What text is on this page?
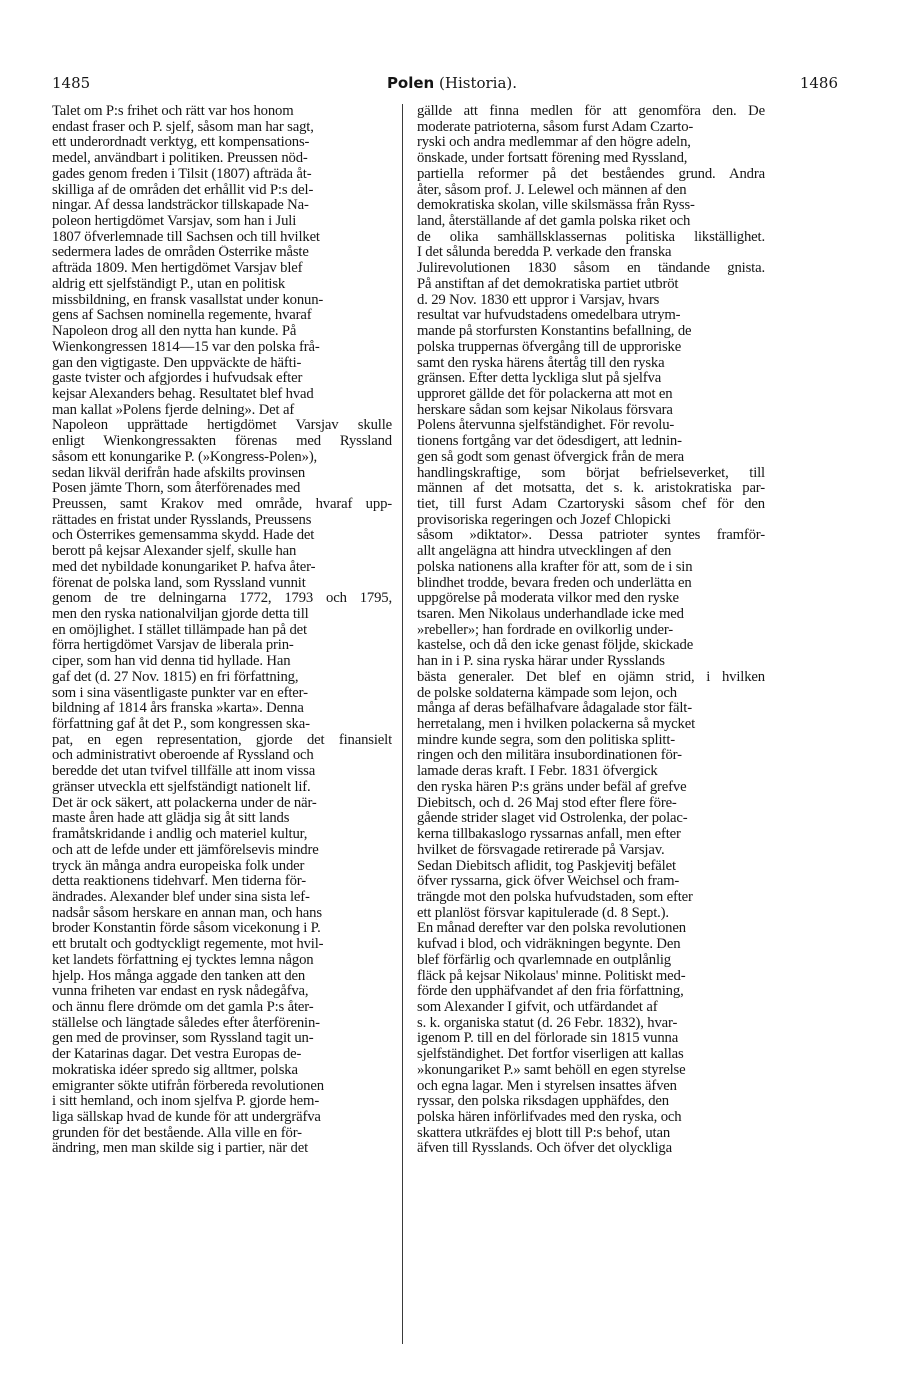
1485	Polen (Historia).	1486
Talet om P:s frihet och rätt var hos honom
endast fraser och P. sjelf, såsom man har sagt,
ett underordnadt verktyg, ett kompensations-
medel, användbart i politiken. Preussen nöd-
gades genom freden i Tilsit (1807) afträda åt-
skilliga af de områden det erhållit vid P:s del-
ningar. Af dessa landsträckor tillskapade Na-
poleon hertigdömet Varsjav, som han i Juli
1807 öfverlemnade till Sachsen och till hvilket
sedermera lades de områden Österrike måste
afträda 1809. Men hertigdömet Varsjav blef
aldrig ett sjelfständigt P., utan en politisk
missbildning, en fransk vasallstat under konun-
gens af Sachsen nominella regemente, hvaraf
Napoleon drog all den nytta han kunde. På
Wienkongressen 1814—15 var den polska frå-
gan den vigtigaste. Den uppväckte de häfti-
gaste tvister och afgjordes i hufvudsak efter
kejsar Alexanders behag. Resultatet blef hvad
man kallat »Polens fjerde delning». Det af
Napoleon upprättade hertigdömet Varsjav skulle
enligt Wienkongressakten förenas med Ryssland
såsom ett konungarike P. (»Kongress-Polen»),
sedan likväl derifrån hade afskilts provinsen
Posen jämte Thorn, som återförenades med
Preussen, samt Krakov med område, hvaraf upp-
rättades en fristat under Rysslands, Preussens
och Österrikes gemensamma skydd. Hade det
berott på kejsar Alexander sjelf, skulle han
med det nybildade konungariket P. hafva åter-
förenat de polska land, som Ryssland vunnit
genom de tre delningarna 1772, 1793 och 1795,
men den ryska nationalviljan gjorde detta till
en omöjlighet. I stället tillämpade han på det
förra hertigdömet Varsjav de liberala prin-
ciper, som han vid denna tid hyllade. Han
gaf det (d. 27 Nov. 1815) en fri författning,
som i sina väsentligaste punkter var en efter-
bildning af 1814 års franska »karta». Denna
författning gaf åt det P., som kongressen ska-
pat, en egen representation, gjorde det finansielt
och administrativt oberoende af Ryssland och
beredde det utan tvifvel tillfälle att inom vissa
gränser utveckla ett sjelfständigt nationelt lif.
Det är ock säkert, att polackerna under de när-
maste åren hade att glädja sig åt sitt lands
framåtskridande i andlig och materiel kultur,
och att de lefde under ett jämförelsevis mindre
tryck än många andra europeiska folk under
detta reaktionens tidehvarf. Men tiderna för-
ändrades. Alexander blef under sina sista lef-
nadsår såsom herskare en annan man, och hans
broder Konstantin förde såsom vicekonung i P.
ett brutalt och godtyckligt regemente, mot hvil-
ket landets författning ej tycktes lemna någon
hjelp. Hos många aggade den tanken att den
vunna friheten var endast en rysk nådegåfva,
och ännu flere drömde om det gamla P:s åter-
ställelse och längtade således efter återförenin-
gen med de provinser, som Ryssland tagit un-
der Katarinas dagar. Det vestra Europas de-
mokratiska idéer spredo sig alltmer, polska
emigranter sökte utifrån förbereda revolutionen
i sitt hemland, och inom sjelfva P. gjorde hem-
liga sällskap hvad de kunde för att undergräfva
grunden för det bestående. Alla ville en för-
ändring, men man skilde sig i partier, när det
gällde att finna medlen för att genomföra den. De
moderate patrioterna, såsom furst Adam Czarto-
ryski och andra medlemmar af den högre adeln,
önskade, under fortsatt förening med Ryssland,
partiella reformer på det beståendes grund. Andra
åter, såsom prof. J. Lelewel och männen af den
demokratiska skolan, ville skilsmässa från Ryss-
land, återställande af det gamla polska riket och
de olika samhällsklassernas politiska likställighet.
I det sålunda beredda P. verkade den franska
Julirevolutionen 1830 såsom en tändande gnista.
På anstiftan af det demokratiska partiet utbröt
d. 29 Nov. 1830 ett uppror i Varsjav, hvars
resultat var hufvudstadens omedelbara utrym-
mande på storfursten Konstantins befallning, de
polska truppernas öfvergång till de upproriske
samt den ryska härens återtåg till den ryska
gränsen. Efter detta lyckliga slut på sjelfva
upproret gällde det för polackerna att mot en
herskare sådan som kejsar Nikolaus försvara
Polens återvunna sjelfständighet. För revolu-
tionens fortgång var det ödesdigert, att lednin-
gen så godt som genast öfvergick från de mera
handlingskraftige, som börjat befrielseverket, till
männen af det motsatta, det s. k. aristokratiska par-
tiet, till furst Adam Czartoryski såsom chef för den
provisoriska regeringen och Jozef Chlopicki
såsom »diktator». Dessa patrioter syntes framför-
allt angelägna att hindra utvecklingen af den
polska nationens alla krafter för att, som de i sin
blindhet trodde, bevara freden och underlätta en
uppgörelse på moderata vilkor med den ryske
tsaren. Men Nikolaus underhandlade icke med
»rebeller»; han fordrade en ovilkorlig under-
kastelse, och då den icke genast följde, skickade
han in i P. sina ryska härar under Rysslands
bästa generaler. Det blef en ojämn strid, i hvilken
de polske soldaterna kämpade som lejon, och
många af deras befälhafvare ådagalade stor fält-
herretalang, men i hvilken polackerna så mycket
mindre kunde segra, som den politiska splitt-
ringen och den militära insubordinationen för-
lamade deras kraft. I Febr. 1831 öfvergick
den ryska hären P:s gräns under befäl af grefve
Diebitsch, och d. 26 Maj stod efter flere före-
gående strider slaget vid Ostrolenka, der polac-
kerna tillbakaslogo ryssarnas anfall, men efter
hvilket de försvagade retirerade på Varsjav.
Sedan Diebitsch aflidit, tog Paskjevitj befälet
öfver ryssarna, gick öfver Weichsel och fram-
trängde mot den polska hufvudstaden, som efter
ett planlöst försvar kapitulerade (d. 8 Sept.).
En månad derefter var den polska revolutionen
kufvad i blod, och vidräkningen begynte. Den
blef förfärlig och qvarlemnade en outplånlig
fläck på kejsar Nikolaus' minne. Politiskt med-
förde den upphäfvandet af den fria författning,
som Alexander I gifvit, och utfärdandet af
s. k. organiska statut (d. 26 Febr. 1832), hvar-
igenom P. till en del förlorade sin 1815 vunna
sjelfständighet. Det fortfor viserligen att kallas
»konungariket P.» samt behöll en egen styrelse
och egna lagar. Men i styrelsen insattes äfven
ryssar, den polska riksdagen upphäfdes, den
polska hären införlifvades med den ryska, och
skattera utkräfdes ej blott till P:s behof, utan
äfven till Rysslands. Och öfver det olyckliga
